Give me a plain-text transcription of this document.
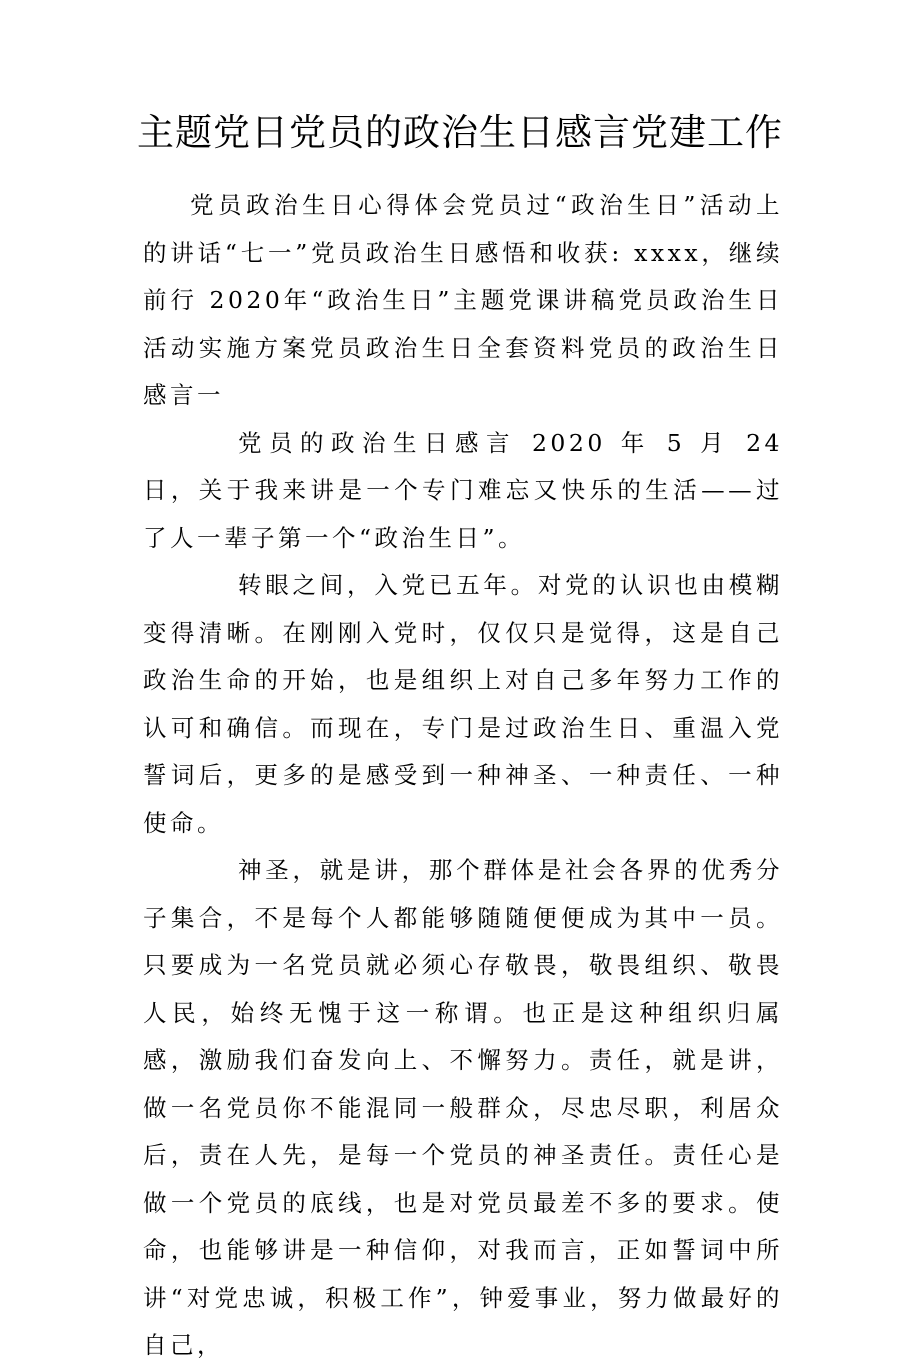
主题党日党员的政治生日感言党建工作

党员政治生日心得体会党员过“政治生日”活动上 的讲话“七一”党员政治生日感悟和收获: xxxx，继续前行 2020年“政治生日”主题党课讲稿党员政治生日活动实施方案党员政治生日全套资料党员的政治生日感言一

党员的政治生日感言 2020 年 5 月 24 日，关于我来讲是一个专门难忘又快乐的生活——过了人一辈子第一个“政治生日”。

转眼之间，入党已五年。对党的认识也由模糊变得清晰。在刚刚入党时，仅仅只是觉得，这是自己政治生命的开始，也是组织上对自己多年努力工作的认可和确信。而现在，专门是过政治生日、重温入党誓词后，更多的是感受到一种神圣、一种责任、一种使命。

神圣，就是讲，那个群体是社会各界的优秀分子集合，不是每个人都能够随随便便成为其中一员。只要成为一名党员就必须心存敬畏，敬畏组织、敬畏人民，始终无愧于这一称谓。也正是这种组织归属感，激励我们奋发向上、不懈努力。责任，就是讲，做一名党员你不能混同一般群众，尽忠尽职，利居众后，责在人先，是每一个党员的神圣责任。责任心是做一个党员的底线，也是对党员最差不多的要求。使命，也能够讲是一种信仰，对我而言，正如誓词中所讲“对党忠诚，积极工作”，钟爱事业，努力做最好的自己，
